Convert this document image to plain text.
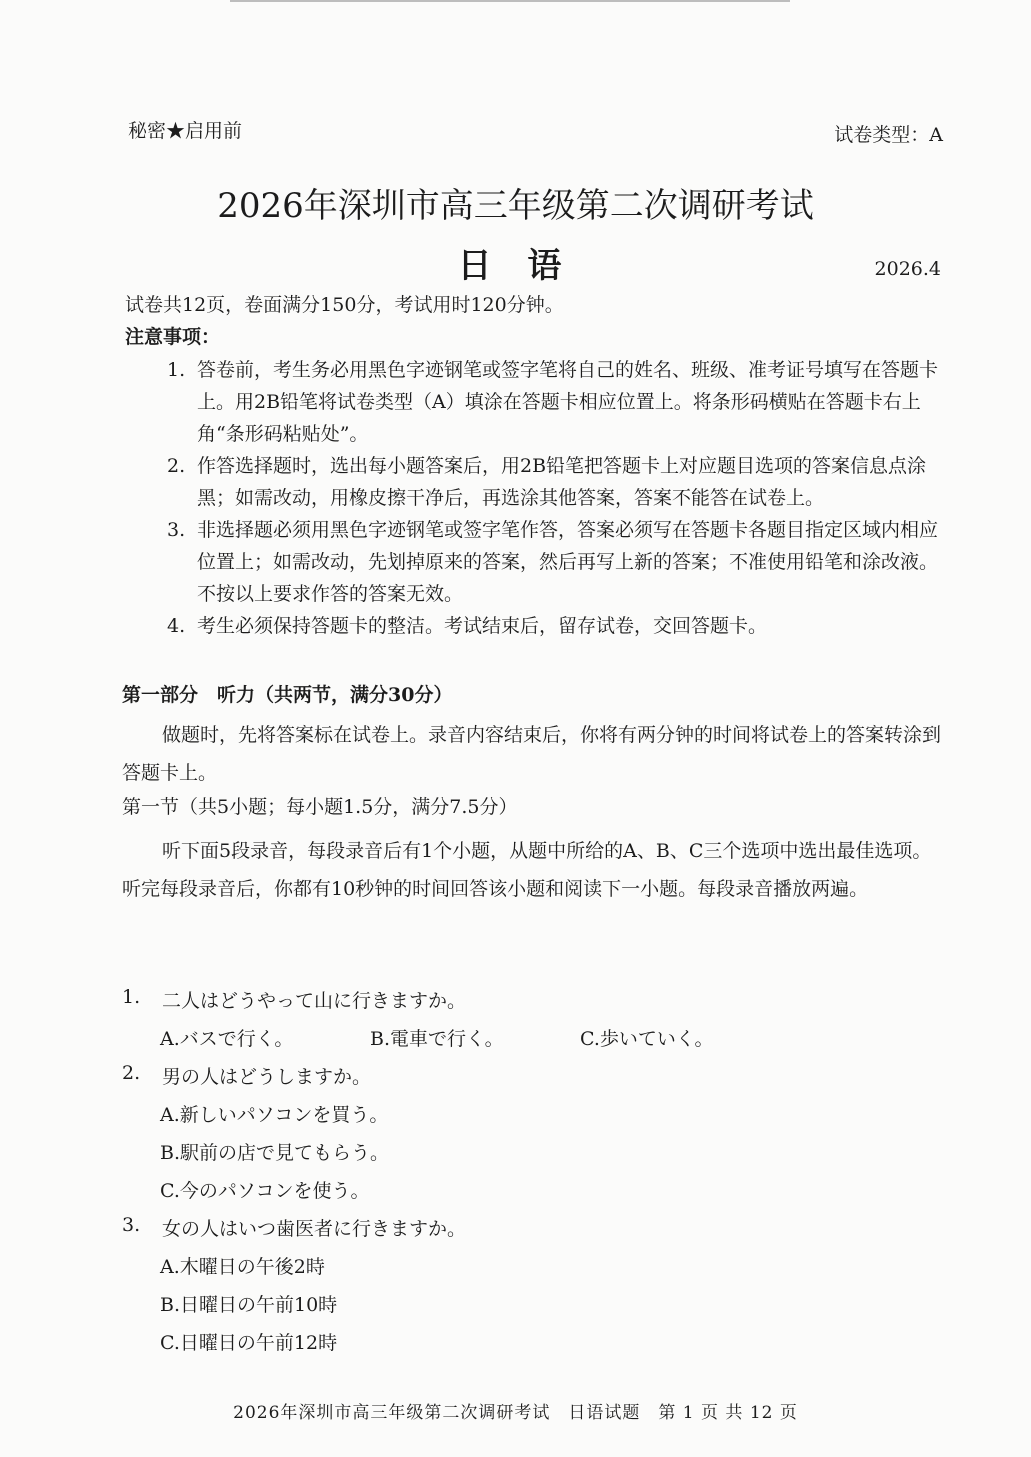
秘密★启用前	试卷类型：A
2026年深圳市高三年级第二次调研考试
日 语	2026.4
试卷共12页，卷面满分150分，考试用时120分钟。
注意事项：
1. 答卷前，考生务必用黑色字迹钢笔或签字笔将自己的姓名、班级、准考证号填写在答题卡上。用2B铅笔将试卷类型（A）填涂在答题卡相应位置上。将条形码横贴在答题卡右上角“条形码粘贴处”。
2. 作答选择题时，选出每小题答案后，用2B铅笔把答题卡上对应题目选项的答案信息点涂黑；如需改动，用橡皮擦干净后，再选涂其他答案，答案不能答在试卷上。
3. 非选择题必须用黑色字迹钢笔或签字笔作答，答案必须写在答题卡各题目指定区域内相应位置上；如需改动，先划掉原来的答案，然后再写上新的答案；不准使用铅笔和涂改液。不按以上要求作答的答案无效。
4. 考生必须保持答题卡的整洁。考试结束后，留存试卷，交回答题卡。
第一部分　听力（共两节，满分30分）
做题时，先将答案标在试卷上。录音内容结束后，你将有两分钟的时间将试卷上的答案转涂到答题卡上。
第一节（共5小题；每小题1.5分，满分7.5分）
听下面5段录音，每段录音后有1个小题，从题中所给的A、B、C三个选项中选出最佳选项。听完每段录音后，你都有10秒钟的时间回答该小题和阅读下一小题。每段录音播放两遍。
1. 二人はどうやって山に行きますか。
A.バスで行く。	B.電車で行く。	C.歩いていく。
2. 男の人はどうしますか。
A.新しいパソコンを買う。
B.駅前の店で見てもらう。
C.今のパソコンを使う。
3. 女の人はいつ歯医者に行きますか。
A.木曜日の午後2時
B.日曜日の午前10時
C.日曜日の午前12時
2026年深圳市高三年级第二次调研考试　日语试题　第 1 页 共 12 页
